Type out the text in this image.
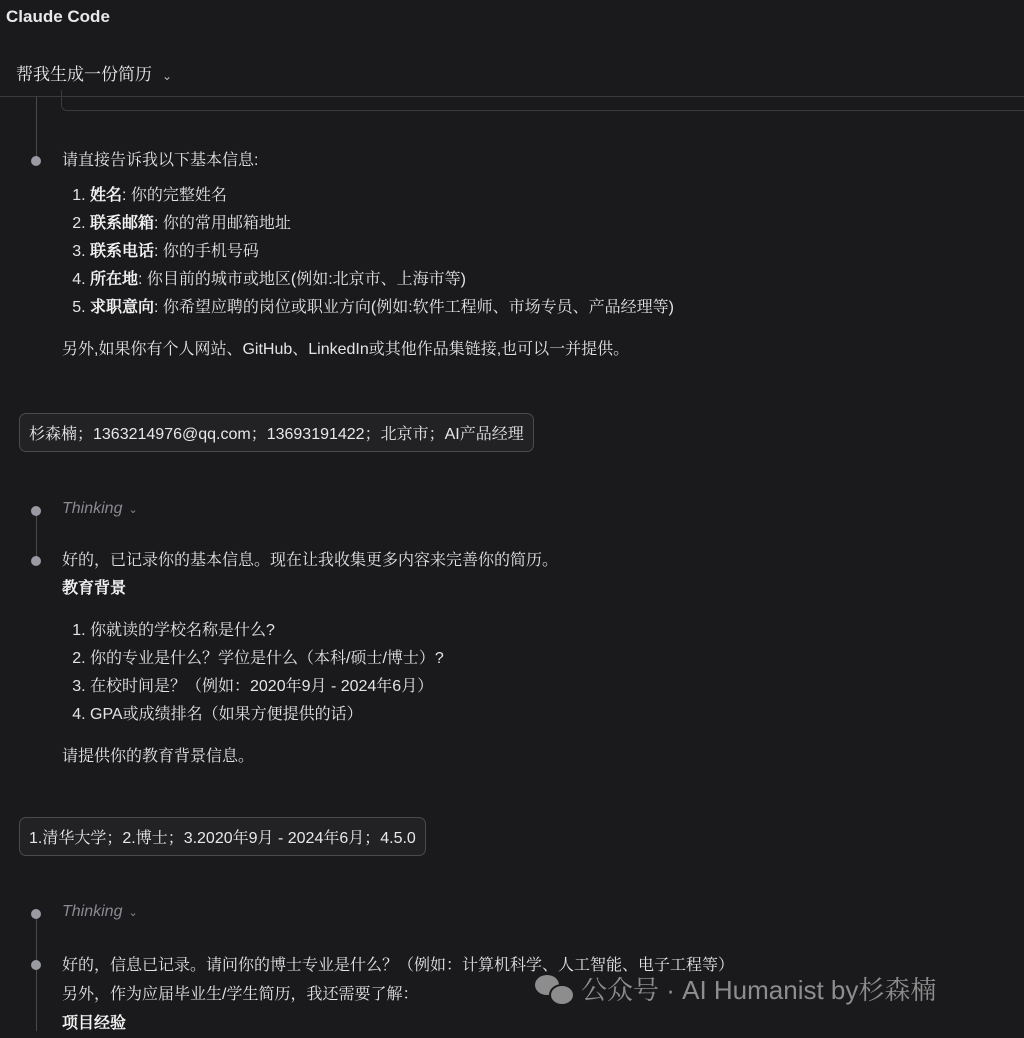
Claude Code
帮我生成一份简历 ⌄
请直接告诉我以下基本信息:
1. 姓名: 你的完整姓名
2. 联系邮箱: 你的常用邮箱地址
3. 联系电话: 你的手机号码
4. 所在地: 你目前的城市或地区(例如:北京市、上海市等)
5. 求职意向: 你希望应聘的岗位或职业方向(例如:软件工程师、市场专员、产品经理等)
另外,如果你有个人网站、GitHub、LinkedIn或其他作品集链接,也可以一并提供。
杉森楠；1363214976@qq.com；13693191422；北京市；AI产品经理
Thinking ⌄
好的，已记录你的基本信息。现在让我收集更多内容来完善你的简历。
教育背景
1. 你就读的学校名称是什么?
2. 你的专业是什么？学位是什么（本科/硕士/博士）?
3. 在校时间是？（例如：2020年9月 - 2024年6月）
4. GPA或成绩排名（如果方便提供的话）
请提供你的教育背景信息。
1.清华大学；2.博士；3.2020年9月 - 2024年6月；4.5.0
Thinking ⌄
好的，信息已记录。请问你的博士专业是什么？（例如：计算机科学、人工智能、电子工程等）
另外，作为应届毕业生/学生简历，我还需要了解：
项目经验
公众号 · AI Humanist by杉森楠
